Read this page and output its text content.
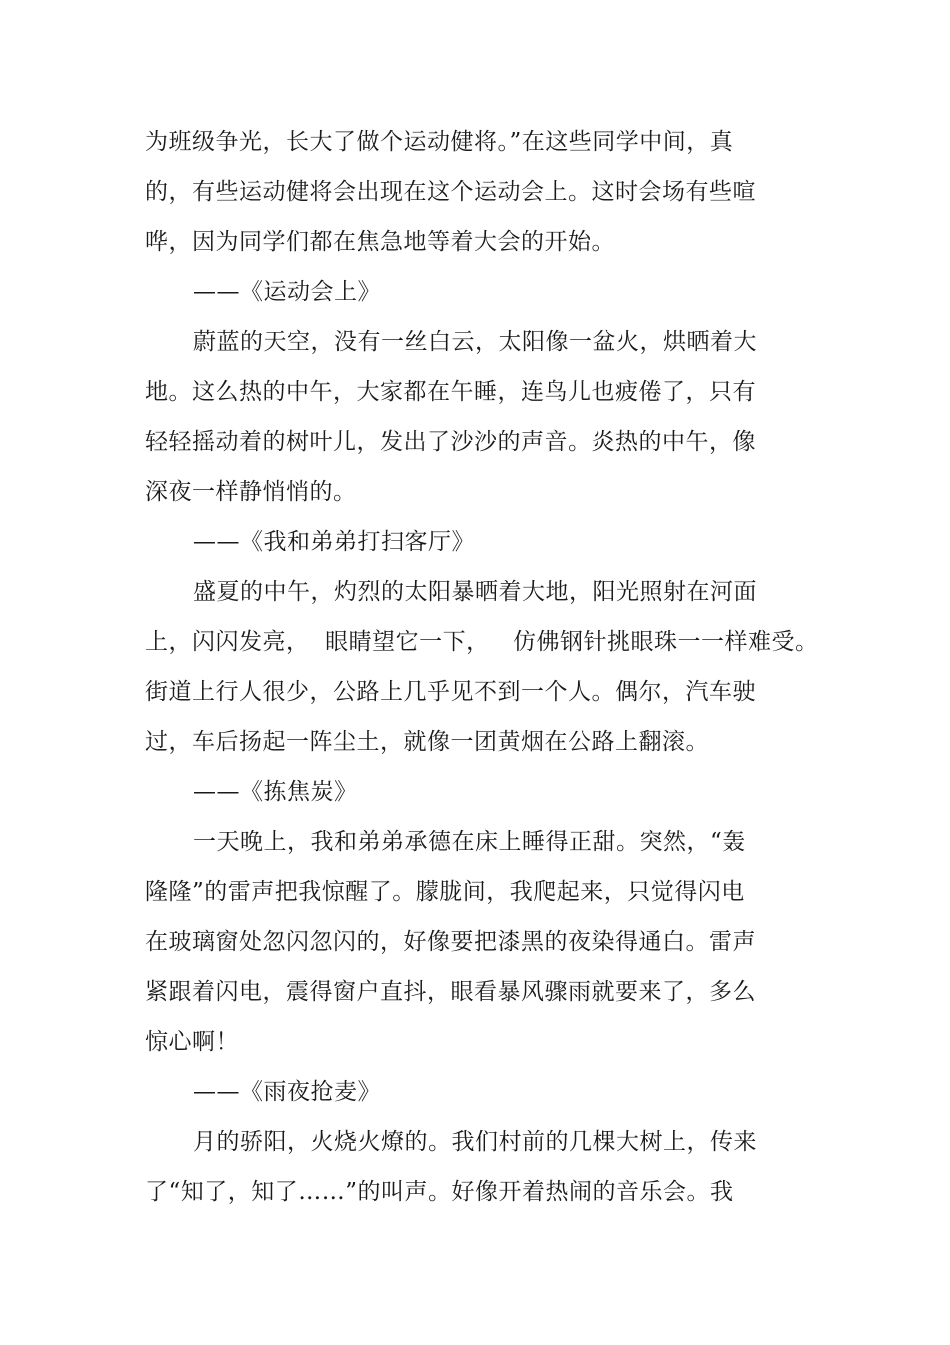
为班级争光，长大了做个运动健将。”在这些同学中间，真
的，有些运动健将会出现在这个运动会上。这时会场有些喧
哗，因为同学们都在焦急地等着大会的开始。
——《运动会上》
蔚蓝的天空，没有一丝白云，太阳像一盆火，烘晒着大
地。这么热的中午，大家都在午睡，连鸟儿也疲倦了，只有
轻轻摇动着的树叶儿，发出了沙沙的声音。炎热的中午，像
深夜一样静悄悄的。
——《我和弟弟打扫客厅》
盛夏的中午，灼烈的太阳暴晒着大地，阳光照射在河面
上，闪闪发亮，  眼睛望它一下，   仿佛钢针挑眼珠一一样难受。
街道上行人很少，公路上几乎见不到一个人。偶尔，汽车驶
过，车后扬起一阵尘土，就像一团黄烟在公路上翻滚。
——《拣焦炭》
一天晚上，我和弟弟承德在床上睡得正甜。突然，“轰
隆隆”的雷声把我惊醒了。朦胧间，我爬起来，只觉得闪电
在玻璃窗处忽闪忽闪的，好像要把漆黑的夜染得通白。雷声
紧跟着闪电，震得窗户直抖，眼看暴风骤雨就要来了，多么
惊心啊！
——《雨夜抢麦》
月的骄阳，火烧火燎的。我们村前的几棵大树上，传来
了“知了，知了……”的叫声。好像开着热闹的音乐会。我
